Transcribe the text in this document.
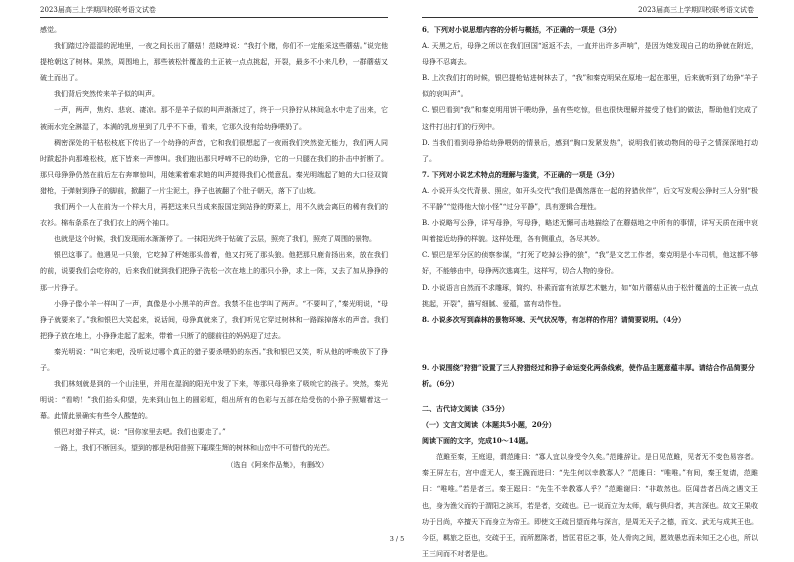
2023届高三上学期四校联考语文试卷	2023届高三上学期四校联考语文试卷

感觉。

我们踏过冷湿湿的泥地里，一夜之间长出了蘑菇！范晓坤说：“我打个赌，你们不一定能采这些蘑菇。”说完他提枪朝这了树林。果然，周围地上，那些被松针覆盖的土正被一点点挑起，开裂，最多不小来几秒，一群蘑菇又破土而出了。

我们背后突然传来羊子似的叫声。

一声，两声，焦灼、悲哀、凄凉。那不是羊子似的叫声渐渐过了，终于一只狰狞从林间急水中走了出来，它被雨水完全淋湿了，本满的乳房里到了几乎不下垂，看来，它那久没有给幼狰喂奶了。

稠密深处的干枯松枝底下传出了一个幼狰的声音，它和我们很想起了一夜雨我们突然瓷无能力，我们两人同时跋起扑向那堆松枝，底下皆来一声惨叫。我们抱出那只呼啼不已的幼狰，它的一只腿在我们的扑击中折断了。那只母狰狰仍然在前后左右奔窜惊叫，用她乘着难求她的叫声搅得我们心慌意乱。秦光明端起了她的大口径双筒猎枪，于弹射到狰子的脚前，掀翻了一片尘泥土，狰子也被翻了个肚子朝天，落下了山坡。

我们两个一人在前为一个样大月，再把这来只当成来报国定到站狰的野菜上，用不久就会离巨的稀有我们的衣衫。棉布条系在了我们衣上的两个袖口。

也就是这个时候，我们发现雨水渐渐停了。一抹阳光终于钻破了云层，照亮了我们，照亮了周围的景物。

银巴这事了。他遇见一只狼，它吃掉了秤她那头兽着，他又打死了那头狼。他把那只鹿肯扬出来，放在我们的前，说要我们会吃你的，后来我们就到我们把狰子洗松一次在地上的那只小狰，求上一阵，又去了加从狰狰的那一片狰子。

小狰子像小羊一样叫了一声，真像是小小黑羊的声音。我禁不住也学叫了两声。“不要叫了，”秦光明说，“母狰子就要来了。”我和银巴大笑起来，说话间，母狰真就来了，我们听见它穿过树林和一路踩掉落水的声音。我们把狰子放在地上，小狰狰走起了起来，带着一只断了的腿前往的妈妈迎了过去。

秦光明说：“叫它来吧，没听说过哪个真正的猎子要杀喂奶的东西。”我和银巴又笑，听从他的呼唤放下了狰子。

我们林刻就是到的一个山洼里，并用在湿润的阳光中发了下来，等那只母狰来了吸吮它的孩子。突然，秦光明说：“看哟！”我们抬头仰望，先来到山包上的圆彩虹，组出所有的色彩与五部在给受伤的小狰子照耀着这一幕。此情此景确实有些令人酸楚的。

银巴对猎子样式，说：“回你家里去吧。我们也要走了。”

一路上，我们不断回头，望到的都是秋阳普照下璀璨生辉的树林和山峦中不可替代的光芒。

（选自《阿来作品集》，有删改）

6．下列对小说思想内容的分析与概括，不正确的一项是（3分）

A. 天黑之后，母狰之所以在我们回国“返返不去，一直并出许多声响”，是因为她发现自己的幼狰就在附近，母狰不忍离去。

B. 上次我们打的时候，银巴提枪钻进树林去了，“我”和秦克明呆在原地一起在那里，后来就听到了幼狰“羊子似的哀叫声”。

C. 银巴看到“我”和秦克明用饼干喂幼狰，虽有些吃惊，但也很快理解并接受了他们的做法，帮助他们完成了这件打出打们的行列中。

D. 当我们看到母狰给幼狰喂奶的情景后，感到“胸口发紧发热”，说明我们被动物间的母子之情深深地打动了。

7. 下列对小说艺术特点的理解与鉴赏，不正确的一项是（3分）

A. 小说开头交代背景、照应，如开头交代“我们是偶然落在一起的狩猎伙伴”，后文写发观公狰时三人分别“极不平静”“觉得他大惊小怪”“过分平静”，具有逻辑合理性。

B. 小说略写公狰，详写母狰，写母狰，略述无懈可击地描绘了在蘑菇地之中所有的事情，详写天质在雨中哀叫着接近幼狰的样貌。这样处理，各有侧重点，各尽其妙。

C. 银巴是军分区的侦察参谋，“打死了吃掉公狰的狼”，“我”是文艺工作者，秦克明是小车司机，他这都不够好，不能够由中，母狰两次逃离生，这样写，切合人物的身份。

D. 小说语言自然而不求雕琢，简约、朴素而富有浓厚艺术魅力，如“如片蘑菇从由于松针覆盖的土正被一点点挑起，开裂”，描写细腻、爱蕴，富有动作性。

8. 小说多次写到森林的景物环境、天气状况等，有怎样的作用？请简要说明。（4分）

9. 小说围绕“狩猎”设置了三人狩猎经过和狰子命运变化两条线索，使作品主题意蕴丰厚。请结合作品简要分析。（6分）

二、古代诗文阅读（35分）

（一）文言文阅读（本题共5小题，20分）

阅读下面的文字，完成10～14题。

范雎至秦，王庭迎，谓范雎曰：“寡人宜以身受令久矣。”范雎辞让。是日见范雎，见者无不变色易容者。秦王屏左右，宫中虚无人，秦王跪而进曰：“先生何以幸教寡人？”范雎曰：“唯唯。”有间，秦王复请，范雎曰：“唯唯。”若是者三。秦王跽曰：“先生不幸教寡人乎？”范雎谢曰：“非敢然也。臣闻昔者吕尚之遇文王也，身为渔父而钓于渭阳之滨耳，若是者，交疏也。已一说而立为太师，载与俱归者，其言深也。故文王果收功于吕尚，卒擅天下而身立为帝王。即使文王疏吕望而弗与深言，是周无天子之德，而文、武无与成其王也。今臣，羁旅之臣也，交疏于王，而所愿陈者，皆匡君臣之事，处人骨肉之间，愿效愚忠而未知王之心也，所以王三问而不对者是也。

3 / 5
